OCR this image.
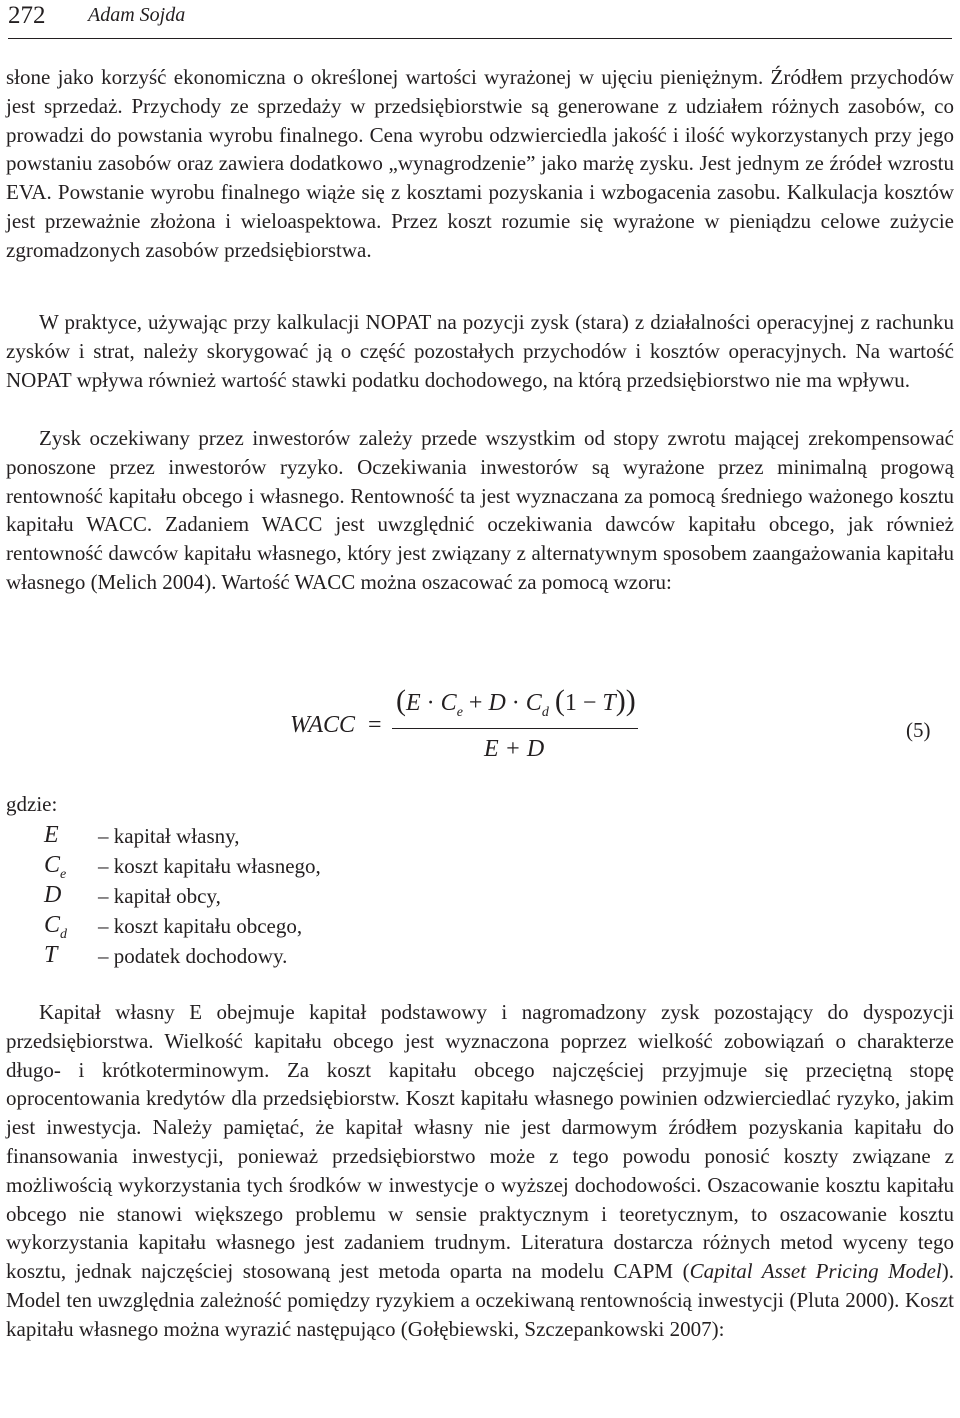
272 Adam Sojda

słone jako korzyść ekonomiczna o określonej wartości wyrażonej w ujęciu pieniężnym. Źródłem przychodów jest sprzedaż. Przychody ze sprzedaży w przedsiębiorstwie są generowane z udziałem różnych zasobów, co prowadzi do powstania wyrobu finalnego. Cena wyrobu odzwierciedla jakość i ilość wykorzystanych przy jego powstaniu zasobów oraz zawiera dodatkowo „wynagrodzenie” jako marżę zysku. Jest jednym ze źródeł wzrostu EVA. Powstanie wyrobu finalnego wiąże się z kosztami pozyskania i wzbogacenia zasobu. Kalkulacja kosztów jest przeważnie złożona i wieloaspektowa. Przez koszt rozumie się wyrażone w pieniądzu celowe zużycie zgromadzonych zasobów przedsiębiorstwa.

W praktyce, używając przy kalkulacji NOPAT na pozycji zysk (stara) z działalności operacyjnej z rachunku zysków i strat, należy skorygować ją o część pozostałych przychodów i kosztów operacyjnych. Na wartość NOPAT wpływa również wartość stawki podatku dochodowego, na którą przedsiębiorstwo nie ma wpływu.

Zysk oczekiwany przez inwestorów zależy przede wszystkim od stopy zwrotu mającej zrekompensować ponoszone przez inwestorów ryzyko. Oczekiwania inwestorów są wyrażone przez minimalną progową rentowność kapitału obcego i własnego. Rentowność ta jest wyznaczana za pomocą średniego ważonego kosztu kapitału WACC. Zadaniem WACC jest uwzględnić oczekiwania dawców kapitału obcego, jak również rentowność dawców kapitału własnego, który jest związany z alternatywnym sposobem zaangażowania kapitału własnego (Melich 2004). Wartość WACC można oszacować za pomocą wzoru:

WACC =
($E \cdot C_e + D \cdot C_d$ (1 − T))
E + D
(5)
gdzie:
E – kapitał własny,
$C_e$ – koszt kapitału własnego,
D – kapitał obcy,
$C_d$ – koszt kapitału obcego,
T – podatek dochodowy.

Kapitał własny E obejmuje kapitał podstawowy i nagromadzony zysk pozostający do dyspozycji przedsiębiorstwa. Wielkość kapitału obcego jest wyznaczona poprzez wielkość zobowiązań o charakterze długo- i krótkoterminowym. Za koszt kapitału obcego najczęściej przyjmuje się przeciętną stopę oprocentowania kredytów dla przedsiębiorstw. Koszt kapitału własnego powinien odzwierciedlać ryzyko, jakim jest inwestycja. Należy pamiętać, że kapitał własny nie jest darmowym źródłem pozyskania kapitału do finansowania inwestycji, ponieważ przedsiębiorstwo może z tego powodu ponosić koszty związane z możliwością wykorzystania tych środków w inwestycje o wyższej dochodowości. Oszacowanie kosztu kapitału obcego nie stanowi większego problemu w sensie praktycznym i teoretycznym, to oszacowanie kosztu wykorzystania kapitału własnego jest zadaniem trudnym. Literatura dostarcza różnych metod wyceny tego kosztu, jednak najczęściej stosowaną jest metoda oparta na modelu CAPM (Capital Asset Pricing Model). Model ten uwzględnia zależność pomiędzy ryzykiem a oczekiwaną rentownością inwestycji (Pluta 2000). Koszt kapitału własnego można wyrazić następująco (Gołębiewski, Szczepankowski 2007):
